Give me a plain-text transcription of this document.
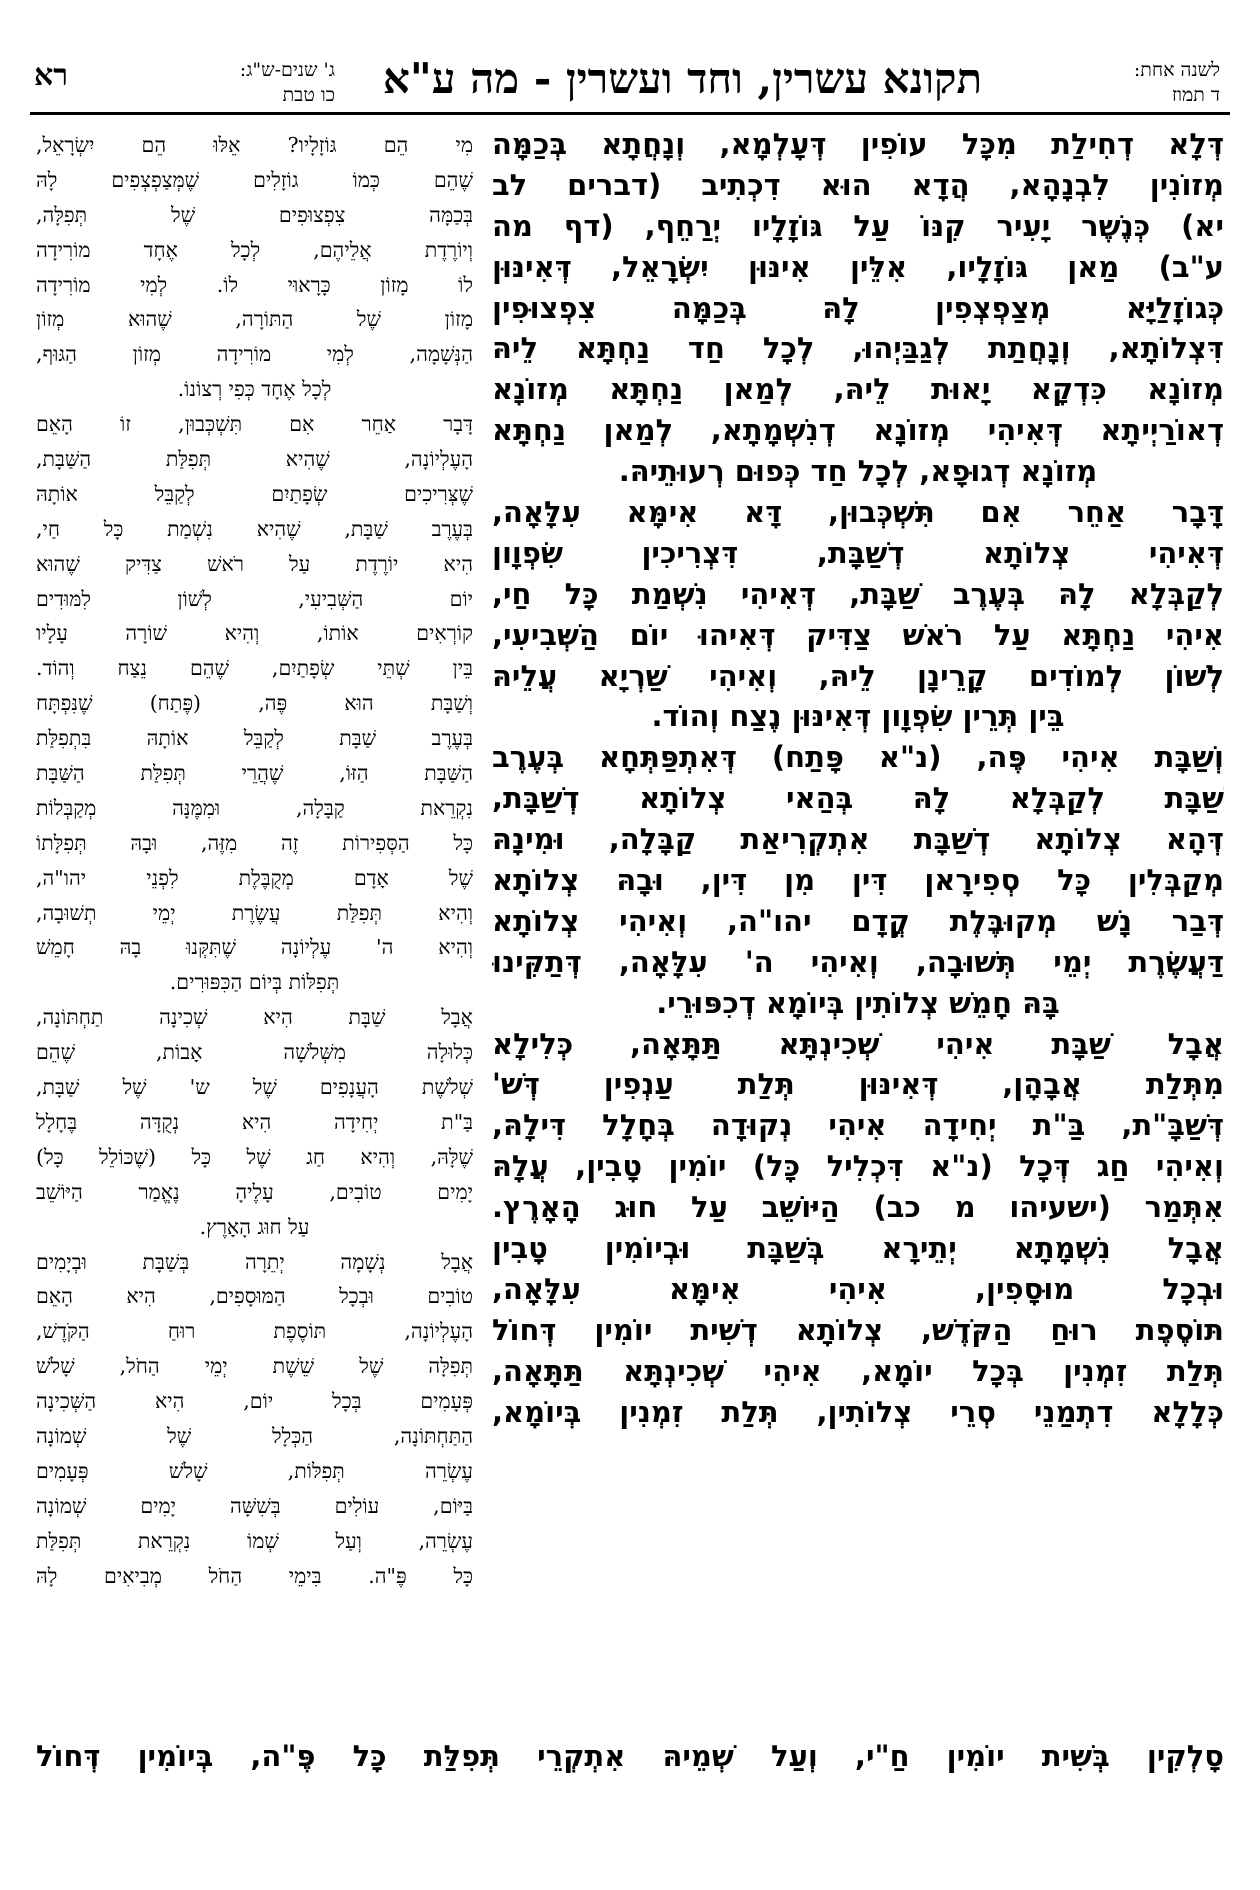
לשנה אחת:
ד תמוז
תקונא עשרין, וחד ועשרין - מה ע"א
ג' שנים-ש"ג:
כו טבת
רא
דְּלָא דְחִילַת מִכָּל עוֹפִין דְּעָלְמָא, וְנָחֲתָא בְּכַמָּה
מְזוֹנִין לִבְנָהָא, הֲדָא הוּא דִכְתִיב (דברים לב
יא) כְּנֶשֶׁר יָעִיר קִנּוֹ עַל גּוֹזָלָיו יְרַחֵף, (דף מה
ע"ב) מַאן גּוֹזָלָיו, אִלֵּין אִינּוּן יִשְׂרָאֵל, דְּאִינּוּן
כְּגוֹזָלַיָּא מְצַפְצְפִין לָהּ בְּכַמָּה צִפְצוּפִין
דִּצְלוֹתָא, וְנָחֲתַת לְגַבַּיְהוּ, לְכָל חַד נַחְתָּא לֵיהּ
מְזוֹנָא כִּדְקָא יָאוּת לֵיהּ, לְמַאן נַחְתָּא מְזוֹנָא
דְאוֹרַיְיתָא דְּאִיהִי מְזוֹנָא דְנִשְׁמָתָא, לְמַאן נַחְתָּא
מְזוֹנָא דְגוּפָא, לְכָל חַד כְּפוּם רְעוּתֵיהּ.
דָּבָר אַחֵר אִם תִּשְׁכְּבוּן, דָּא אִימָּא עִלָּאָה,
דְּאִיהִי צְלוֹתָא דְשַׁבָּת, דִּצְרִיכִין שִׂפְוָון
לְקַבְּלָא לָהּ בְּעֶרֶב שַׁבָּת, דְּאִיהִי נִשְׁמַת כָּל חַי,
אִיהִי נַחְתָּא עַל רֹאשׁ צַדִּיק דְּאִיהוּ יוֹם הַשְּׁבִיעִי,
לְשׁוֹן לְמוֹדִים קָרֵינָן לֵיהּ, וְאִיהִי שַׁרְיָא עֲלֵיהּ
בֵּין תְּרֵין שִׂפְוָון דְּאִינּוּן נֶצַח וְהוֹד.
וְשַׁבָּת אִיהִי פֶּה, (נ"א פָּתַח) דְּאִתְפַּתְּחָא בְּעֶרֶב
שַׁבָּת לְקַבְּלָא לָהּ בְּהַאי צְלוֹתָא דְשַׁבָּת,
דְּהָא צְלוֹתָא דְשַׁבָּת אִתְקְרִיאַת קַבָּלָה, וּמִינָהּ
מְקַבְּלִין כָּל סְפִירָאן דִּין מִן דִּין, וּבָהּ צְלוֹתָא
דְּבַר נָשׁ מְקוּבֶּלֶת קֳדָם יהו"ה, וְאִיהִי צְלוֹתָא
דַּעֲשֶׂרֶת יְמֵי תְּשׁוּבָה, וְאִיהִי ה' עִלָּאָה, דְּתַקִּינוּ
בָּהּ חָמֵשׁ צְלוֹתִין בְּיוֹמָא דְכִפּוּרֵי.
אֲבָל שַׁבָּת אִיהִי שְׁכִינְתָּא תַּתָּאָה, כְּלִילָא
מִתְּלַת אֲבָהָן, דְּאִינּוּן תְּלַת עַנְפִין דְּשׁ'
דְּשַׁבָּ"ת, בַּ"ת יְחִידָה אִיהִי נְקוּדָה בְּחָלָל דִּילָהּ,
וְאִיהִי חַג דְּכָל (נ"א דִּכְלִיל כָּל) יוֹמִין טָבִין, עֲלָהּ
אִתְּמַר (ישעיהו מ כב) הַיּוֹשֵׁב עַל חוּג הָאָרֶץ.
אֲבָל נִשְׁמָתָא יְתֵירָא בְּשַׁבָּת וּבְיוֹמִין טָבִין
וּבְכָל מוּסָפִין, אִיהִי אִימָּא עִלָּאָה,
תּוֹסֶפֶת רוּחַ הַקֹּדֶשׁ, צְלוֹתָא דְשִׁית יוֹמִין דְּחוֹל
תְּלַת זִמְנִין בְּכָל יוֹמָא, אִיהִי שְׁכִינְתָּא תַּתָּאָה,
כְּלָלָא דִתְמַנֵי סְרֵי צְלוֹתִין, תְּלַת זִמְנִין בְּיוֹמָא,
מִי הֵם גּוֹזָלָיו? אֵלּוּ הֵם יִשְׂרָאֵל,
שֶׁהֵם כְּמוֹ גוֹזָלִים שֶׁמְּצַפְצְפִים לָהּ
בְּכַמָּה צִפְצוּפִים שֶׁל תְּפִלָּה,
וְיוֹרֶדֶת אֲלֵיהֶם, לְכָל אֶחָד מוֹרִידָה
לוֹ מָזוֹן כָּרָאוּי לוֹ. לְמִי מוֹרִידָה
מָזוֹן שֶׁל הַתּוֹרָה, שֶׁהוּא מְזוֹן
הַנְּשָׁמָה, לְמִי מוֹרִידָה מְזוֹן הַגּוּף,
לְכָל אֶחָד כְּפִי רְצוֹנוֹ.
דָּבָר אַחֵר אִם תִּשְׁכְּבוּן, זוֹ הָאֵם
הָעֶלְיוֹנָה, שֶׁהִיא תְּפִלַּת הַשַּׁבָּת,
שֶׁצְּרִיכִים שְׂפָתַיִם לְקַבֵּל אוֹתָהּ
בְּעֶרֶב שַׁבָּת, שֶׁהִיא נִשְׁמַת כָּל חַי,
הִיא יוֹרֶדֶת עַל רֹאשׁ צַדִּיק שֶׁהוּא
יוֹם הַשְּׁבִיעִי, לְשׁוֹן לִמּוּדִים
קוֹרְאִים אוֹתוֹ, וְהִיא שׁוֹרָה עָלָיו
בֵּין שְׁתֵּי שְׂפָתַיִם, שֶׁהֵם נֵצַח וְהוֹד.
וְשַׁבָּת הוּא פֶּה, (פֶּתַח) שֶׁנִּפְתָּח
בְּעֶרֶב שַׁבָּת לְקַבֵּל אוֹתָהּ בִּתְפִלַּת
הַשַּׁבָּת הַזּוֹ, שֶׁהֲרֵי תְּפִלַּת הַשַּׁבָּת
נִקְרֵאת קַבָּלָה, וּמִמֶּנָּה מְקַבְּלוֹת
כָּל הַסְּפִירוֹת זֶה מִזֶּה, וּבָהּ תְּפִלָּתוֹ
שֶׁל אָדָם מְקֻבֶּלֶת לִפְנֵי יהו"ה,
וְהִיא תְּפִלַּת עֲשֶׂרֶת יְמֵי תְשׁוּבָה,
וְהִיא ה' עֶלְיוֹנָה שֶׁתִּקְּנוּ בָהּ חָמֵשׁ
תְּפִלּוֹת בְּיוֹם הַכִּפּוּרִים.
אֲבָל שַׁבָּת הִיא שְׁכִינָה תַחְתּוֹנָה,
כְּלוּלָה מִשְּׁלֹשָׁה אָבוֹת, שֶׁהֵם
שְׁלֹשֶׁת הָעֲנָפִים שֶׁל ש' שֶׁל שַׁבָּת,
בַּ"ת יְחִידָה הִיא נְקֻדָּה בֶּחָלָל
שֶׁלָּהּ, וְהִיא חַג שֶׁל כָּל (שֶׁכּוֹלֵל כָּל)
יָמִים טוֹבִים, עָלֶיהָ נֶאֱמַר הַיּוֹשֵׁב
עַל חוּג הָאָרֶץ.
אֲבָל נְשָׁמָה יְתֵרָה בְּשַׁבָּת וּבְיָמִים
טוֹבִים וּבְכָל הַמּוּסָפִים, הִיא הָאֵם
הָעֶלְיוֹנָה, תּוֹסֶפֶת רוּחַ הַקֹּדֶשׁ,
תְּפִלָּה שֶׁל שֵׁשֶׁת יְמֵי הַחֹל, שָׁלֹשׁ
פְּעָמִים בְּכָל יוֹם, הִיא הַשְּׁכִינָה
הַתַּחְתּוֹנָה, הַכְּלָל שֶׁל שְׁמוֹנָה
עֶשְׂרֵה תְּפִלּוֹת, שָׁלֹשׁ פְּעָמִים
בַּיּוֹם, עוֹלִים בְּשִׁשָּׁה יָמִים שְׁמוֹנָה
עֶשְׂרֵה, וְעַל שְׁמוֹ נִקְרֵאת תְּפִלַּת
כָּל פֶּ"ה. בִּימֵי הַחֹל מְבִיאִים לָהּ
סָלְקִין בְּשִׁית יוֹמִין חַ"י, וְעַל שְׁמֵיהּ אִתְקְרֵי תְּפִלַּת כָּל פֶּ"ה, בְּיוֹמִין דְּחוֹל
